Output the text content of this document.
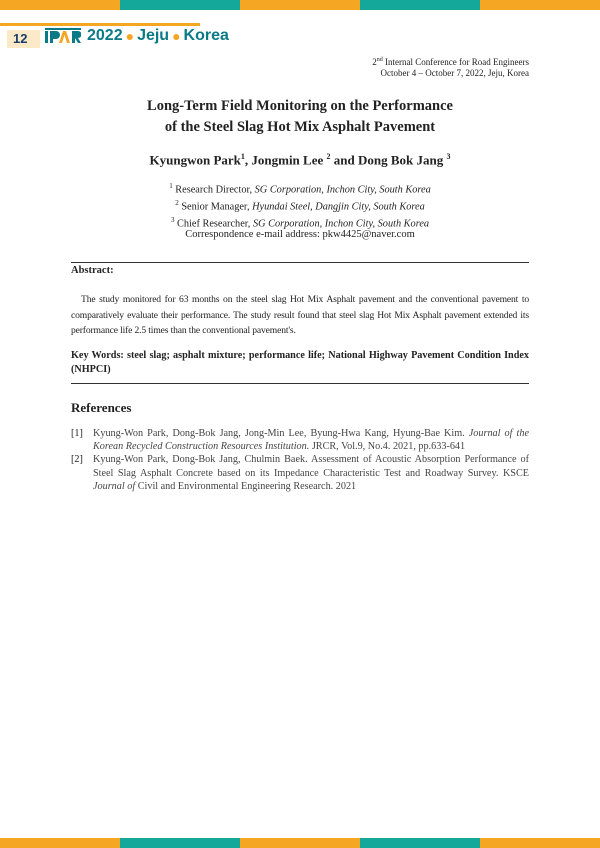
12	2022 ● Jeju ● Korea
2nd Internal Conference for Road Engineers
October 4 – October 7, 2022, Jeju, Korea
Long-Term Field Monitoring on the Performance
of the Steel Slag Hot Mix Asphalt Pavement
Kyungwon Park$^1$, Jongmin Lee $^2$ and Dong Bok Jang $^3$
$^1$ Research Director, SG Corporation, Inchon City, South Korea
$^2$ Senior Manager, Hyundai Steel, Dangjin City, South Korea
$^3$ Chief Researcher, SG Corporation, Inchon City, South Korea
Correspondence e-mail address: pkw4425@naver.com
Abstract:
The study monitored for 63 months on the steel slag Hot Mix Asphalt pavement and the conventional pavement to comparatively evaluate their performance. The study result found that steel slag Hot Mix Asphalt pavement extended its performance life 2.5 times than the conventional pavement's.
Key Words: steel slag; asphalt mixture; performance life; National Highway Pavement Condition Index (NHPCI)
References
[1] Kyung-Won Park, Dong-Bok Jang, Jong-Min Lee, Byung-Hwa Kang, Hyung-Bae Kim. Journal of the Korean Recycled Construction Resources Institution. JRCR, Vol.9, No.4. 2021, pp.633-641
[2] Kyung-Won Park, Dong-Bok Jang, Chulmin Baek. Assessment of Acoustic Absorption Performance of Steel Slag Asphalt Concrete based on its Impedance Characteristic Test and Roadway Survey. KSCE Journal of Civil and Environmental Engineering Research. 2021
